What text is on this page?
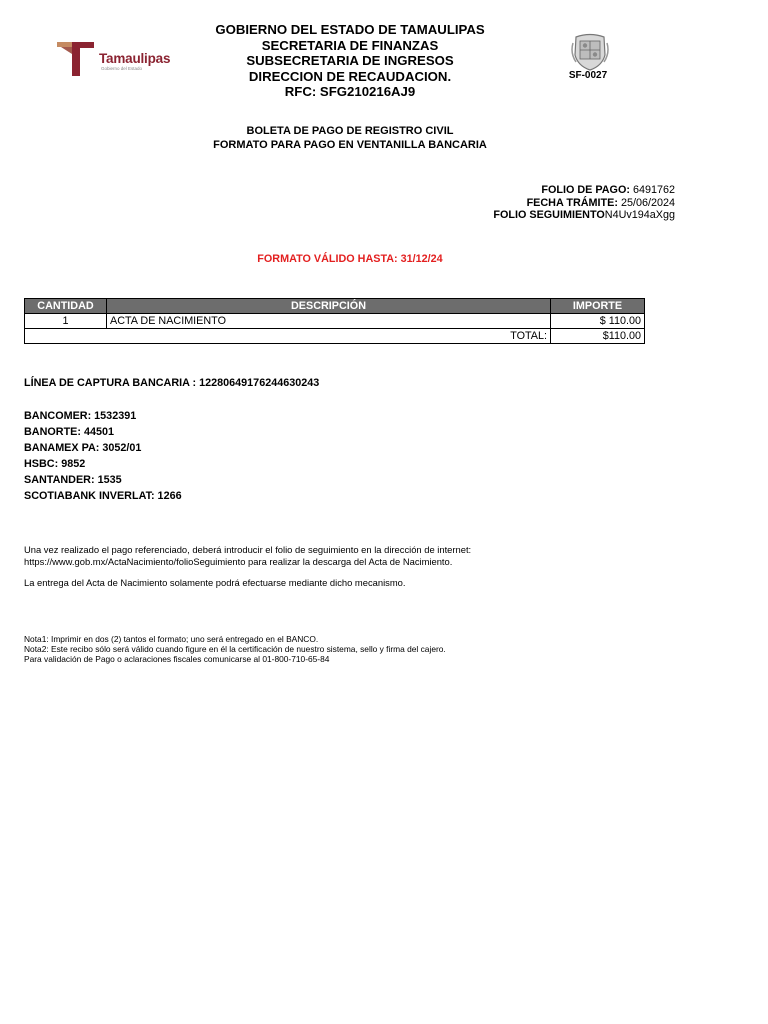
Tamaulipas
Gobierno del Estado
GOBIERNO DEL ESTADO DE TAMAULIPAS
SECRETARIA DE FINANZAS
SUBSECRETARIA DE INGRESOS
DIRECCION DE RECAUDACION.
RFC: SFG210216AJ9
SF-0027
BOLETA DE PAGO DE REGISTRO CIVIL
FORMATO PARA PAGO EN VENTANILLA BANCARIA
FOLIO DE PAGO: 6491762
FECHA TRÁMITE: 25/06/2024
FOLIO SEGUIMIENTON4Uv194aXgg
FORMATO VÁLIDO HASTA: 31/12/24
CANTIDAD	DESCRIPCIÓN	IMPORTE
1	ACTA DE NACIMIENTO	$ 110.00
TOTAL:		$110.00
LÍNEA DE CAPTURA BANCARIA : 12280649176244630243
BANCOMER: 1532391
BANORTE: 44501
BANAMEX PA: 3052/01
HSBC: 9852
SANTANDER: 1535
SCOTIABANK INVERLAT: 1266
Una vez realizado el pago referenciado, deberá introducir el folio de seguimiento en la dirección de internet:
https://www.gob.mx/ActaNacimiento/folioSeguimiento para realizar la descarga del Acta de Nacimiento.
La entrega del Acta de Nacimiento solamente podrá efectuarse mediante dicho mecanismo.
Nota1: Imprimir en dos (2) tantos el formato; uno será entregado en el BANCO.
Nota2: Este recibo sólo será válido cuando figure en él la certificación de nuestro sistema, sello y firma del cajero.
Para validación de Pago o aclaraciones fiscales comunicarse al 01-800-710-65-84
